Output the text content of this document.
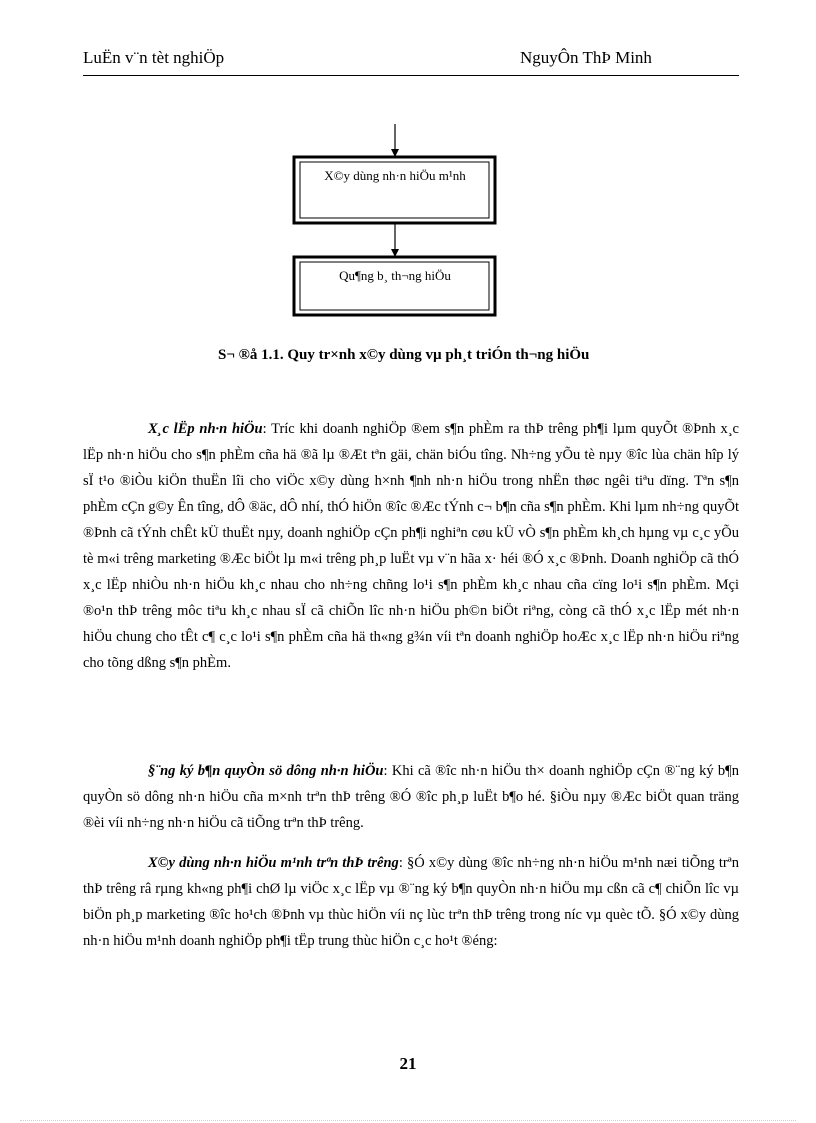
LuËn v¨n tèt nghiÖp	NguyÔn ThÞ Minh
X©y dùng nh·n hiÖu m¹nh
Qu¶ng b¸ th¬ng hiÖu
S¬ ®å 1.1. Quy tr×nh x©y dùng vµ ph¸t triÓn th¬ng hiÖu
X¸c lËp nh·n hiÖu: Tríc khi doanh nghiÖp ®em s¶n phÈm ra thÞ trêng ph¶i lµm quyÕt ®Þnh x¸c lËp nh·n hiÖu cho s¶n phÈm cña hä ®ã lµ ®Æt tªn gäi, chän biÓu tîng. Nh÷ng yÕu tè nµy ®îc lùa chän hîp lý sÏ t¹o ®iÒu kiÖn thuËn lîi cho viÖc x©y dùng h×nh ¶nh nh·n hiÖu trong nhËn thøc ngêi tiªu dïng. Tªn s¶n phÈm cÇn g©y Ên tîng, dÔ ®äc, dÔ nhí, thÓ hiÖn ®îc ®Æc tÝnh c¬ b¶n cña s¶n phÈm. Khi lµm nh÷ng quyÕt ®Þnh cã tÝnh chÊt kÜ thuËt nµy, doanh nghiÖp cÇn ph¶i nghiªn cøu kÜ vÒ s¶n phÈm kh¸ch hµng vµ c¸c yÕu tè m«i trêng marketing ®Æc biÖt lµ m«i trêng ph¸p luËt vµ v¨n hãa x· héi ®Ó x¸c ®Þnh. Doanh nghiÖp cã thÓ x¸c lËp nhiÒu nh·n hiÖu kh¸c nhau cho nh÷ng chñng lo¹i s¶n phÈm kh¸c nhau cña cïng lo¹i s¶n phÈm. Mçi ®o¹n thÞ trêng môc tiªu kh¸c nhau sÏ cã chiÕn lîc nh·n hiÖu ph©n biÖt riªng, còng cã thÓ x¸c lËp mét nh·n hiÖu chung cho tÊt c¶ c¸c lo¹i s¶n phÈm cña hä th«ng g¾n víi tªn doanh nghiÖp hoÆc x¸c lËp nh·n hiÖu riªng cho tõng dßng s¶n phÈm.
§¨ng ký b¶n quyÒn sö dông nh·n hiÖu: Khi cã ®îc nh·n hiÖu th× doanh nghiÖp cÇn ®¨ng ký b¶n quyÒn sö dông nh·n hiÖu cña m×nh trªn thÞ trêng ®Ó ®îc ph¸p luËt b¶o hé. §iÒu nµy ®Æc biÖt quan träng ®èi víi nh÷ng nh·n hiÖu cã tiÕng trªn thÞ trêng.
X©y dùng nh·n hiÖu m¹nh trªn thÞ trêng: §Ó x©y dùng ®îc nh÷ng nh·n hiÖu m¹nh næi tiÕng trªn thÞ trêng râ rµng kh«ng ph¶i chØ lµ viÖc x¸c lËp vµ ®¨ng ký b¶n quyÒn nh·n hiÖu mµ cßn cã c¶ chiÕn lîc vµ biÖn ph¸p marketing ®îc ho¹ch ®Þnh vµ thùc hiÖn víi nç lùc trªn thÞ trêng trong níc vµ quèc tÕ. §Ó x©y dùng nh·n hiÖu m¹nh doanh nghiÖp ph¶i tËp trung thùc hiÖn c¸c ho¹t ®éng:
21
